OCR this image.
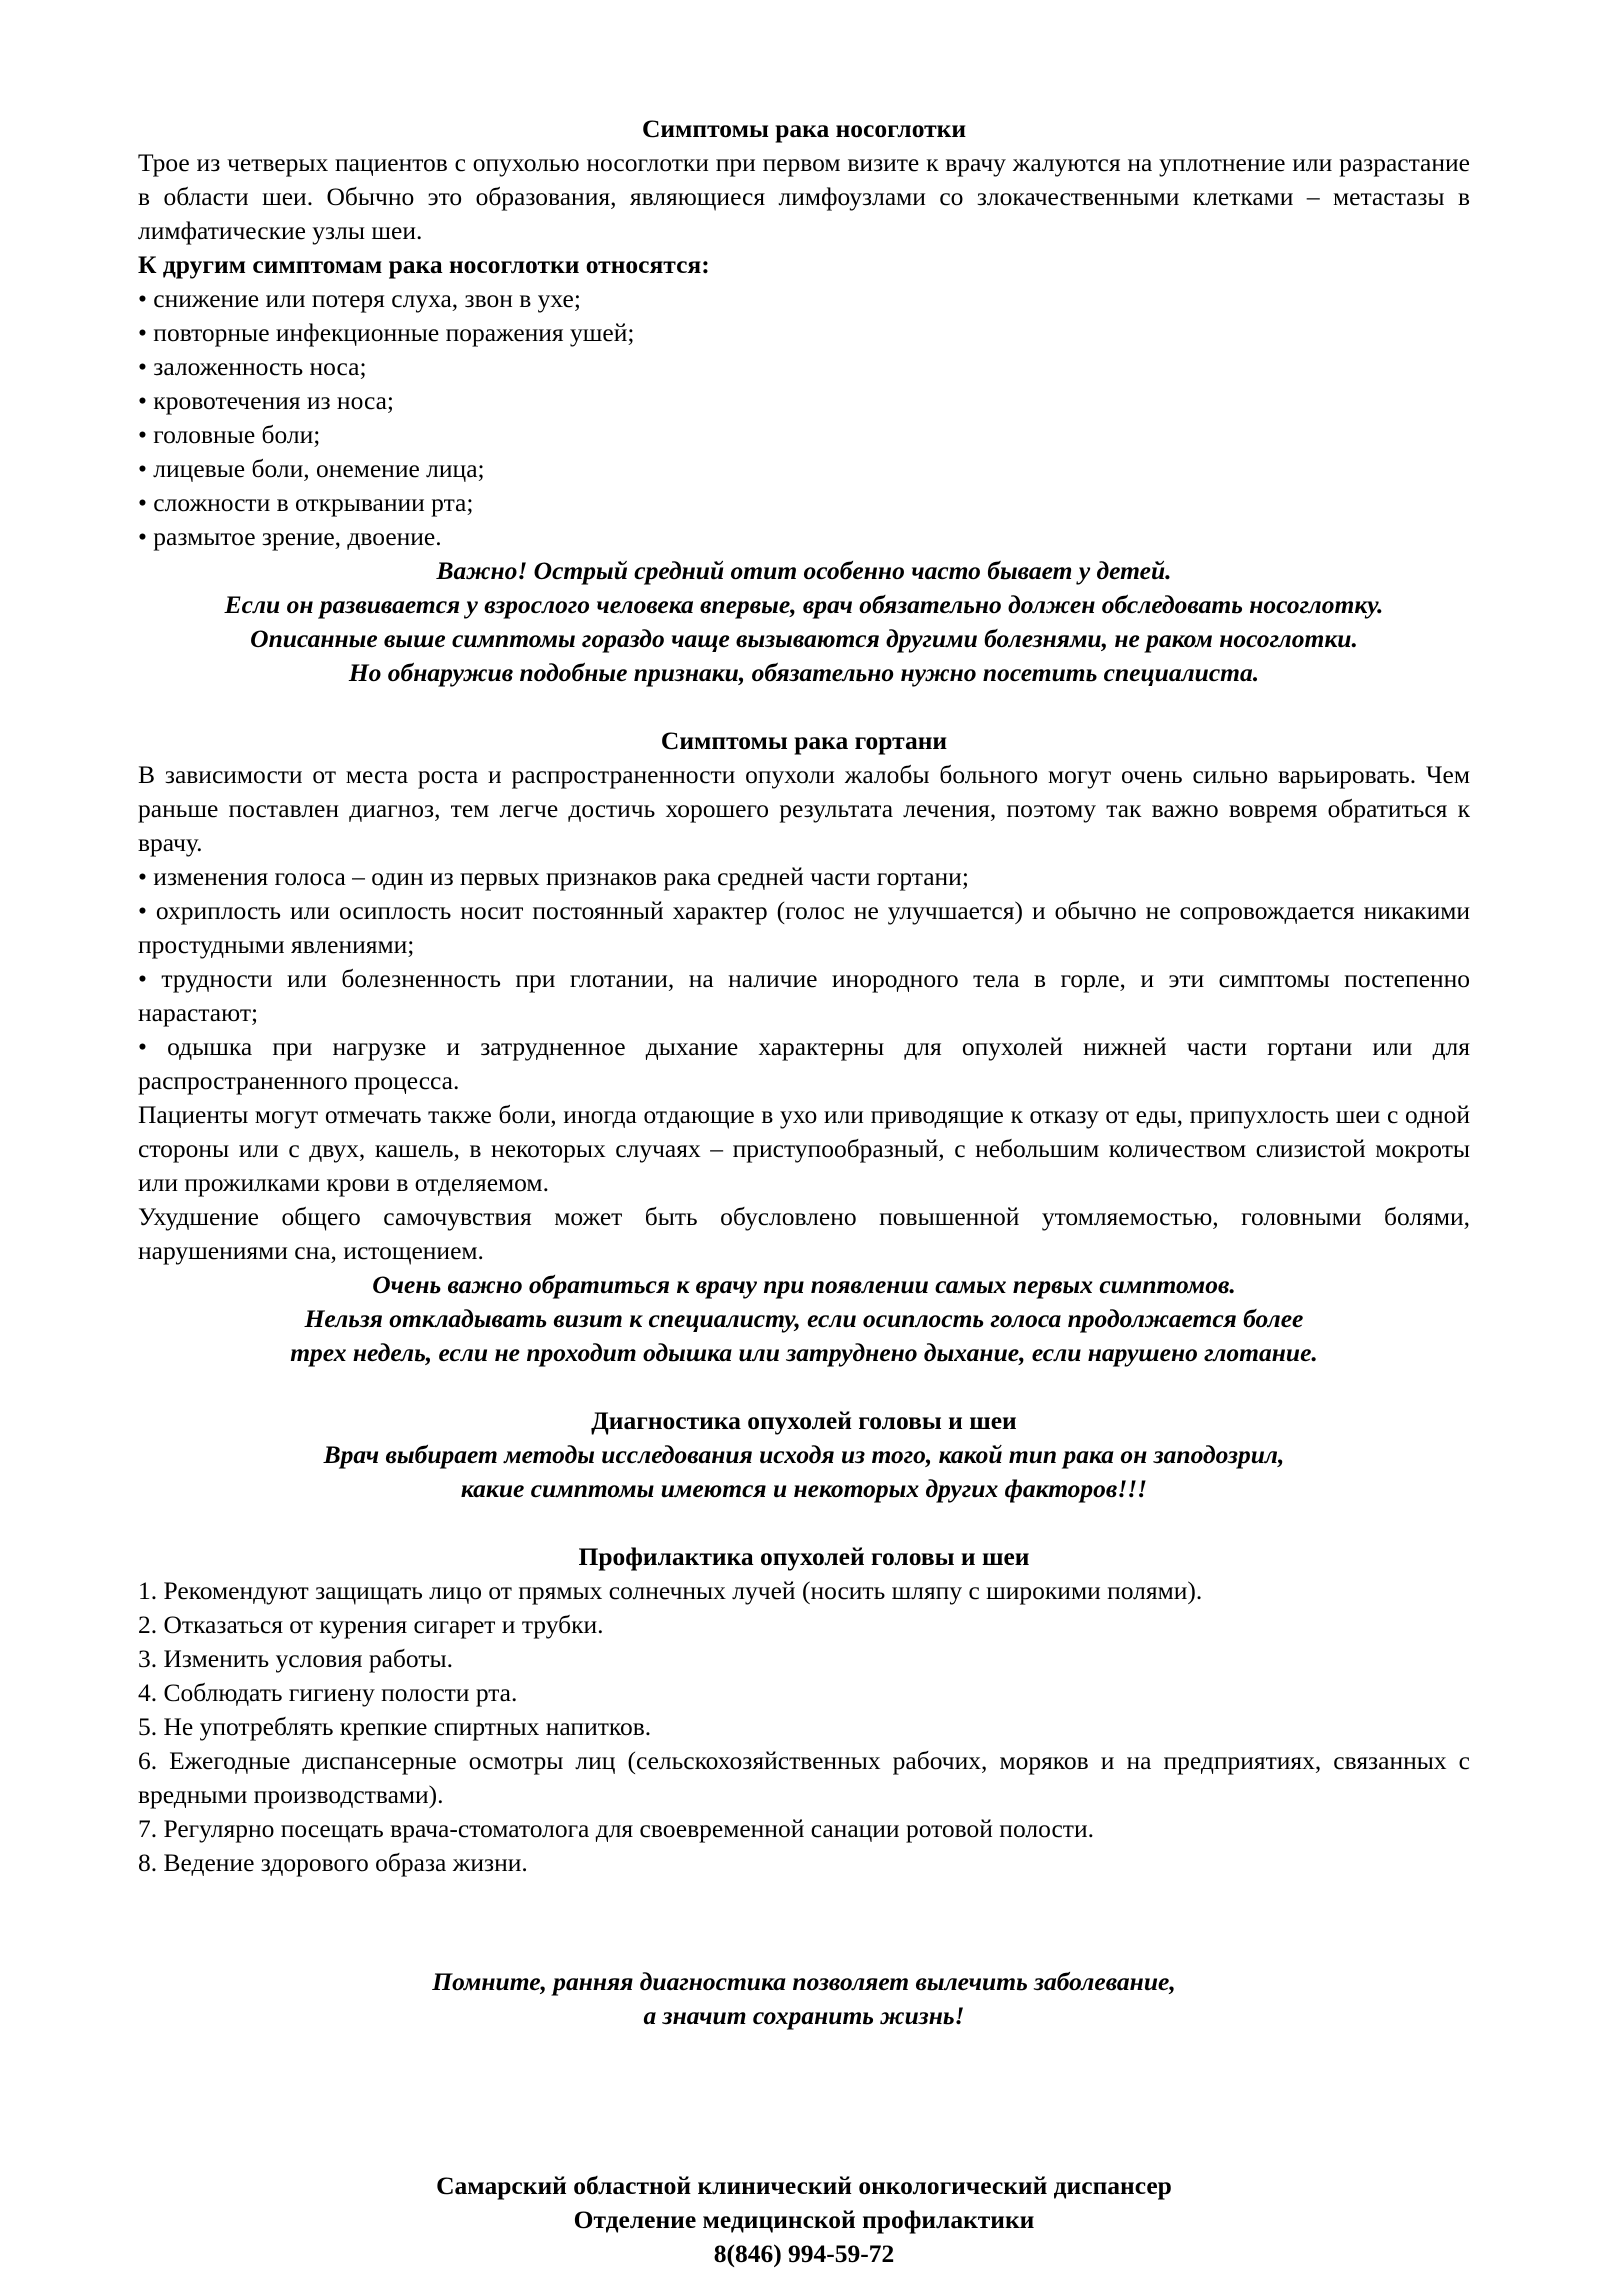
Симптомы рака носоглотки

Трое из четверых пациентов с опухолью носоглотки при первом визите к врачу жалуются на уплотнение или разрастание в области шеи. Обычно это образования, являющиеся лимфоузлами со злокачественными клетками – метастазы в лимфатические узлы шеи.

К другим симптомам рака носоглотки относятся:

• снижение или потеря слуха, звон в ухе;
• повторные инфекционные поражения ушей;
• заложенность носа;
• кровотечения из носа;
• головные боли;
• лицевые боли, онемение лица;
• сложности в открывании рта;
• размытое зрение, двоение.

Важно! Острый средний отит особенно часто бывает у детей.

Если он развивается у взрослого человека впервые, врач обязательно должен обследовать носоглотку.

Описанные выше симптомы гораздо чаще вызываются другими болезнями, не раком носоглотки.

Но обнаружив подобные признаки, обязательно нужно посетить специалиста.

Симптомы рака гортани

В зависимости от места роста и распространенности опухоли жалобы больного могут очень сильно варьировать. Чем раньше поставлен диагноз, тем легче достичь хорошего результата лечения, поэтому так важно вовремя обратиться к врачу.

• изменения голоса – один из первых признаков рака средней части гортани;
• охриплость или осиплость носит постоянный характер (голос не улучшается) и обычно не сопровождается никакими простудными явлениями;
• трудности или болезненность при глотании, на наличие инородного тела в горле, и эти симптомы постепенно нарастают;
• одышка при нагрузке и затрудненное дыхание характерны для опухолей нижней части гортани или для распространенного процесса.

Пациенты могут отмечать также боли, иногда отдающие в ухо или приводящие к отказу от еды, припухлость шеи с одной стороны или с двух, кашель, в некоторых случаях – приступообразный, с небольшим количеством слизистой мокроты или прожилками крови в отделяемом.

Ухудшение общего самочувствия может быть обусловлено повышенной утомляемостью, головными болями, нарушениями сна, истощением.

Очень важно обратиться к врачу при появлении самых первых симптомов.

Нельзя откладывать визит к специалисту, если осиплость голоса продолжается более

трех недель, если не проходит одышка или затруднено дыхание, если нарушено глотание.

Диагностика опухолей головы и шеи

Врач выбирает методы исследования исходя из того, какой тип рака он заподозрил,

какие симптомы имеются и некоторых других факторов!!!

Профилактика опухолей головы и шеи

1. Рекомендуют защищать лицо от прямых солнечных лучей (носить шляпу с широкими полями).
2. Отказаться от курения сигарет и трубки.
3. Изменить условия работы.
4. Соблюдать гигиену полости рта.
5. Не употреблять крепкие спиртных напитков.
6. Ежегодные диспансерные осмотры лиц (сельскохозяйственных рабочих, моряков и на предприятиях, связанных с вредными производствами).
7. Регулярно посещать врача-стоматолога для своевременной санации ротовой полости.
8. Ведение здорового образа жизни.

Помните, ранняя диагностика позволяет вылечить заболевание,

а значит сохранить жизнь!

Самарский областной клинический онкологический диспансер

Отделение медицинской профилактики

8(846) 994-59-72
